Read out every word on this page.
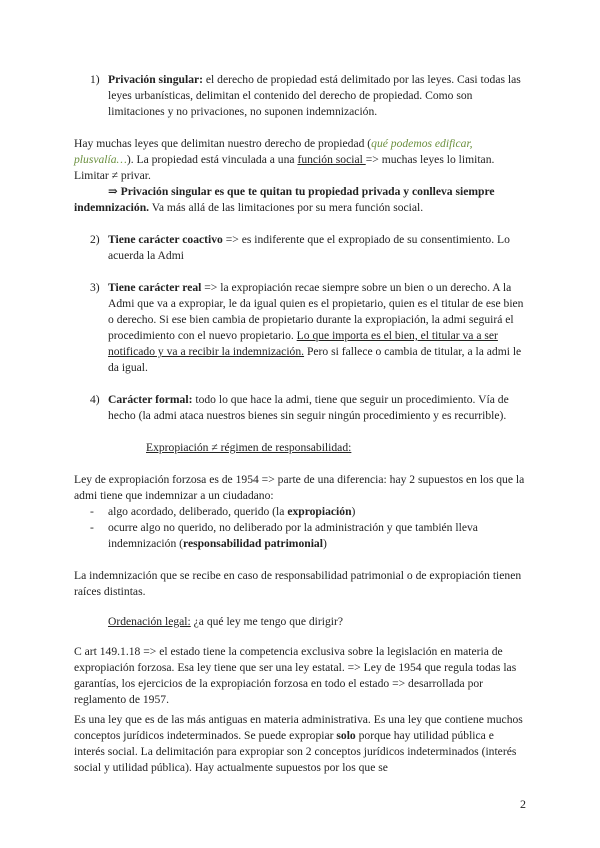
1) Privación singular: el derecho de propiedad está delimitado por las leyes. Casi todas las leyes urbanísticas, delimitan el contenido del derecho de propiedad. Como son limitaciones y no privaciones, no suponen indemnización.
Hay muchas leyes que delimitan nuestro derecho de propiedad (qué podemos edificar, plusvalía…). La propiedad está vinculada a una función social => muchas leyes lo limitan. Limitar ≠ privar.
⇒ Privación singular es que te quitan tu propiedad privada y conlleva siempre indemnización. Va más allá de las limitaciones por su mera función social.
2) Tiene carácter coactivo => es indiferente que el expropiado de su consentimiento. Lo acuerda la Admi
3) Tiene carácter real => la expropiación recae siempre sobre un bien o un derecho. A la Admi que va a expropiar, le da igual quien es el propietario, quien es el titular de ese bien o derecho. Si ese bien cambia de propietario durante la expropiación, la admi seguirá el procedimiento con el nuevo propietario. Lo que importa es el bien, el titular va a ser notificado y va a recibir la indemnización. Pero si fallece o cambia de titular, a la admi le da igual.
4) Carácter formal: todo lo que hace la admi, tiene que seguir un procedimiento. Vía de hecho (la admi ataca nuestros bienes sin seguir ningún procedimiento y es recurrible).
Expropiación ≠ régimen de responsabilidad:
Ley de expropiación forzosa es de 1954 => parte de una diferencia: hay 2 supuestos en los que la admi tiene que indemnizar a un ciudadano:
- algo acordado, deliberado, querido (la expropiación)
- ocurre algo no querido, no deliberado por la administración y que también lleva indemnización (responsabilidad patrimonial)
La indemnización que se recibe en caso de responsabilidad patrimonial o de expropiación tienen raíces distintas.
Ordenación legal: ¿a qué ley me tengo que dirigir?
C art 149.1.18 => el estado tiene la competencia exclusiva sobre la legislación en materia de expropiación forzosa. Esa ley tiene que ser una ley estatal. => Ley de 1954 que regula todas las garantías, los ejercicios de la expropiación forzosa en todo el estado => desarrollada por reglamento de 1957.
Es una ley que es de las más antiguas en materia administrativa. Es una ley que contiene muchos conceptos jurídicos indeterminados. Se puede expropiar solo porque hay utilidad pública e interés social. La delimitación para expropiar son 2 conceptos jurídicos indeterminados (interés social y utilidad pública). Hay actualmente supuestos por los que se
2
